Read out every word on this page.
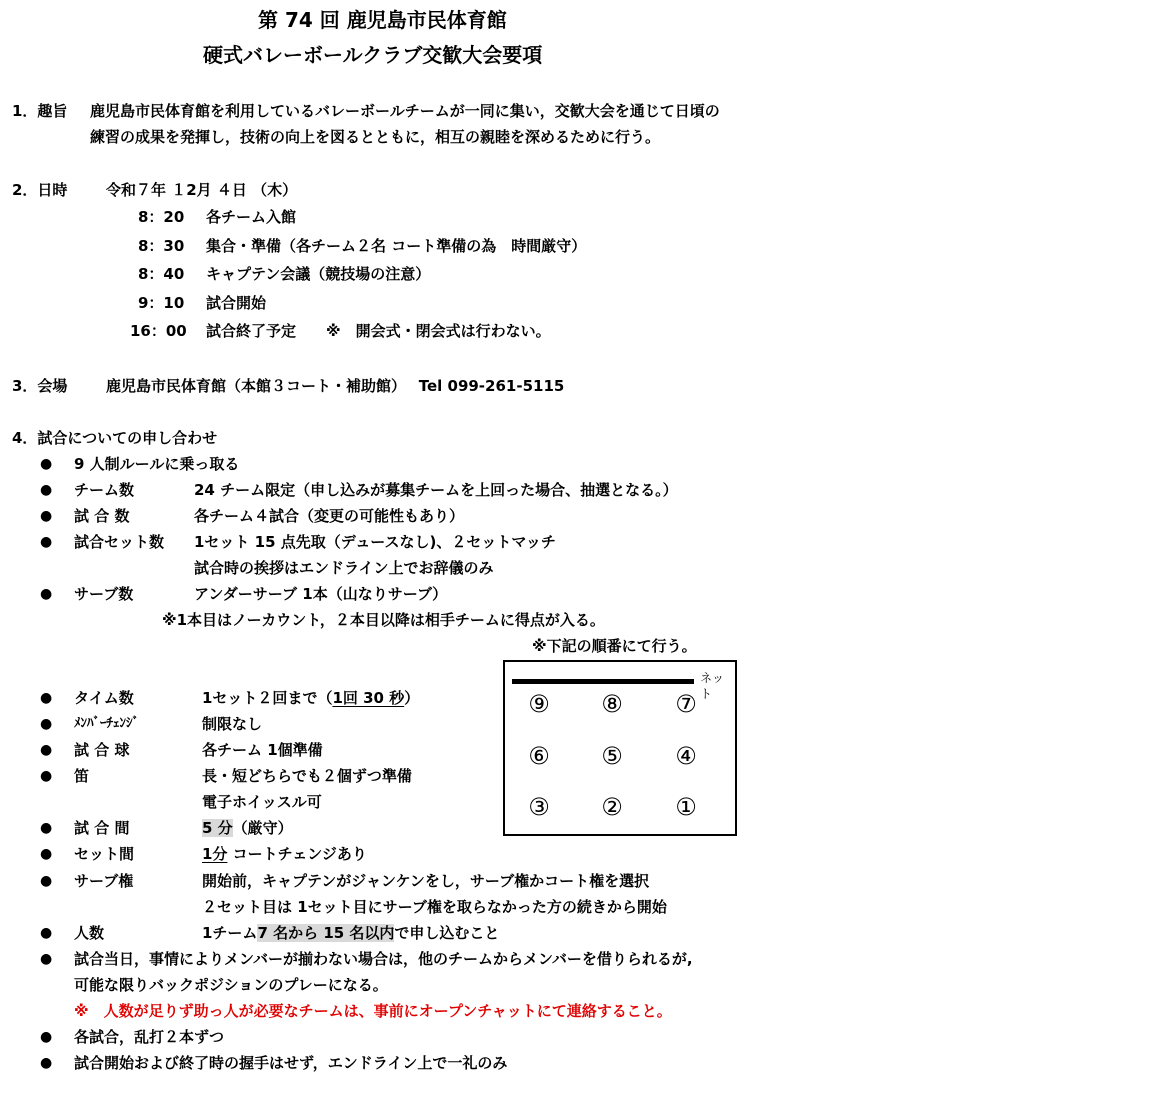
第 74 回 鹿児島市民体育館
硬式バレーボールクラブ交歓大会要項
1．趣旨 鹿児島市民体育館を利用しているバレーボールチームが一同に集い，交歓大会を通じて日頃の
練習の成果を発揮し，技術の向上を図るとともに，相互の親睦を深めるために行う。
2．日時	令和７年 １2月 ４日 （木）
8：20 各チーム入館
8：30 集合・準備（各チーム２名 コート準備の為　時間厳守）
8：40 キャプテン会議（競技場の注意）
9：10 試合開始
16：00 試合終了予定　　※　開会式・閉会式は行わない。
3．会場	鹿児島市民体育館（本館３コート・補助館）　 Tel 099-261-5115
4．試合についての申し合わせ
● 9 人制ルールに乗っ取る
● チーム数	24 チーム限定（申し込みが募集チームを上回った場合、抽選となる。）
● 試 合 数	各チーム４試合（変更の可能性もあり）
● 試合セット数 1セット 15 点先取（デュースなし)、２セットマッチ
試合時の挨拶はエンドライン上でお辞儀のみ
● サーブ数	アンダーサーブ 1本（山なりサーブ）
※1本目はノーカウント，２本目以降は相手チームに得点が入る。
※下記の順番にて行う。
ネット
⑨	⑧	⑦
⑥	⑤	④
③	②	①
● タイム数	1セット２回まで（1回 30 秒）
● ﾒﾝﾊﾞｰﾁｪﾝｼﾞ	制限なし
● 試 合 球	各チーム 1個準備
● 笛	長・短どちらでも２個ずつ準備
電子ホイッスル可
● 試 合 間	5 分（厳守）
● セット間	1分 コートチェンジあり
● サーブ権	開始前，キャプテンがジャンケンをし，サーブ権かコート権を選択
２セット目は 1セット目にサーブ権を取らなかった方の続きから開始
● 人数	1チーム7 名から 15 名以内で申し込むこと
● 試合当日，事情によりメンバーが揃わない場合は，他のチームからメンバーを借りられるが,
可能な限りバックポジションのプレーになる。
※　人数が足りず助っ人が必要なチームは、事前にオープンチャットにて連絡すること。
● 各試合，乱打２本ずつ
● 試合開始および終了時の握手はせず，エンドライン上で一礼のみ
